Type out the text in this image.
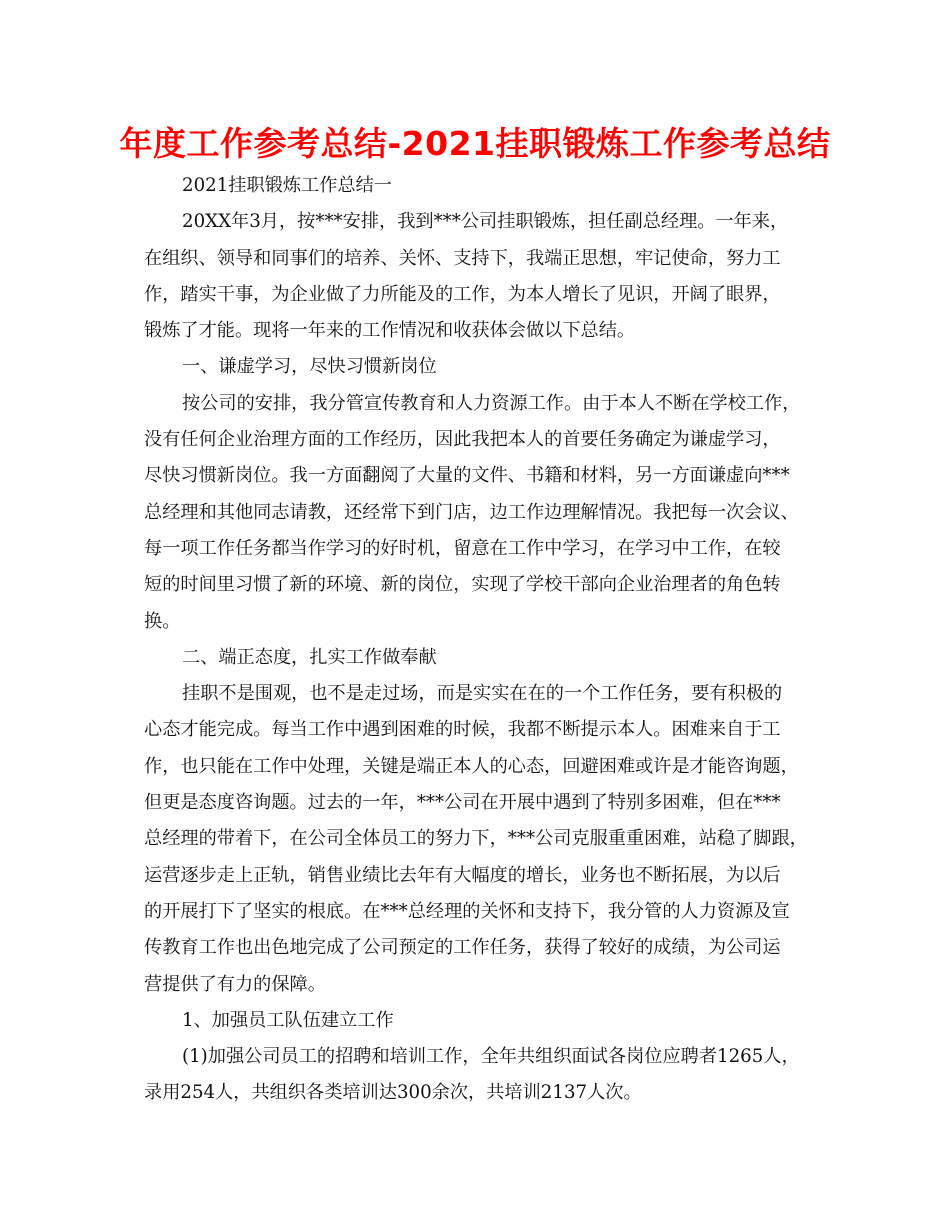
年度工作参考总结-2021挂职锻炼工作参考总结
2021挂职锻炼工作总结一
20XX年3月，按***安排，我到***公司挂职锻炼，担任副总经理。一年来，
在组织、领导和同事们的培养、关怀、支持下，我端正思想，牢记使命，努力工
作，踏实干事，为企业做了力所能及的工作，为本人增长了见识，开阔了眼界，
锻炼了才能。现将一年来的工作情况和收获体会做以下总结。
一、谦虚学习，尽快习惯新岗位
按公司的安排，我分管宣传教育和人力资源工作。由于本人不断在学校工作，
没有任何企业治理方面的工作经历，因此我把本人的首要任务确定为谦虚学习，
尽快习惯新岗位。我一方面翻阅了大量的文件、书籍和材料，另一方面谦虚向***
总经理和其他同志请教，还经常下到门店，边工作边理解情况。我把每一次会议、
每一项工作任务都当作学习的好时机，留意在工作中学习，在学习中工作，在较
短的时间里习惯了新的环境、新的岗位，实现了学校干部向企业治理者的角色转
换。
二、端正态度，扎实工作做奉献
挂职不是围观，也不是走过场，而是实实在在的一个工作任务，要有积极的
心态才能完成。每当工作中遇到困难的时候，我都不断提示本人。困难来自于工
作，也只能在工作中处理，关键是端正本人的心态，回避困难或许是才能咨询题，
但更是态度咨询题。过去的一年，***公司在开展中遇到了特别多困难，但在***
总经理的带着下，在公司全体员工的努力下，***公司克服重重困难，站稳了脚跟，
运营逐步走上正轨，销售业绩比去年有大幅度的增长，业务也不断拓展，为以后
的开展打下了坚实的根底。在***总经理的关怀和支持下，我分管的人力资源及宣
传教育工作也出色地完成了公司预定的工作任务，获得了较好的成绩，为公司运
营提供了有力的保障。
1、加强员工队伍建立工作
(1)加强公司员工的招聘和培训工作，全年共组织面试各岗位应聘者1265人，
录用254人，共组织各类培训达300余次，共培训2137人次。
